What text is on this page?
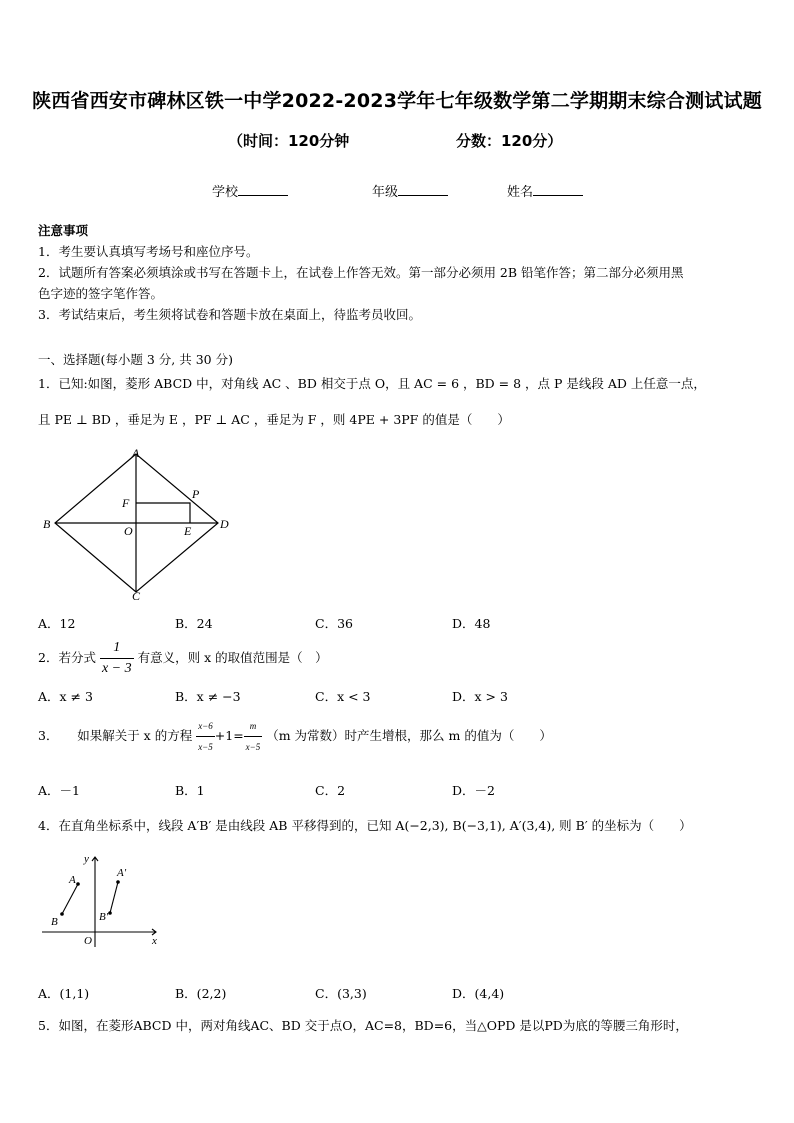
陕西省西安市碑林区铁一中学2022-2023学年七年级数学第二学期期末综合测试试题
（时间：120分钟	分数：120分）
学校	年级	姓名
注意事项
1．考生要认真填写考场号和座位序号。
2．试题所有答案必须填涂或书写在答题卡上，在试卷上作答无效。第一部分必须用 2B 铅笔作答；第二部分必须用黑
色字迹的签字笔作答。
3．考试结束后，考生须将试卷和答题卡放在桌面上，待监考员收回。
一、选择题(每小题 3 分, 共 30 分)
1．已知:如图，菱形 ABCD 中，对角线 AC 、BD 相交于点 O，且 AC = 6 ，BD = 8 ，点 P 是线段 AD 上任意一点，
且 PE ⊥ BD ，垂足为 E ，PF ⊥ AC ，垂足为 F ，则 4PE + 3PF 的值是（　　）
A
B
C
D
O	E
F
P
A．12	B．24	C．36	D．48
2．若分式 $\frac{1}{x - 3}$ 有意义，则 x 的取值范围是（　）
A．x ≠ 3	B．x ≠ −3	C．x < 3	D．x > 3
3．　　如果解关于 x 的方程 $\frac{x-6}{x-5} +1= \frac{m}{x-5} (m$ 为常数）时产生增根，那么 m 的值为（　　）
A．－1	B．1	C．2	D．－2
4．在直角坐标系中，线段 A′B′ 是由线段 AB 平移得到的，已知 A(−2,3), B(−3,1), A′(3,4), 则 B′ 的坐标为（　　）
y
x
O
A
B
A′
B′
A．(1,1)	B．(2,2)	C．(3,3)	D．(4,4)
5．如图，在菱形ABCD 中，两对角线AC、BD 交于点O，AC=8，BD=6，当△OPD 是以PD为底的等腰三角形时，
